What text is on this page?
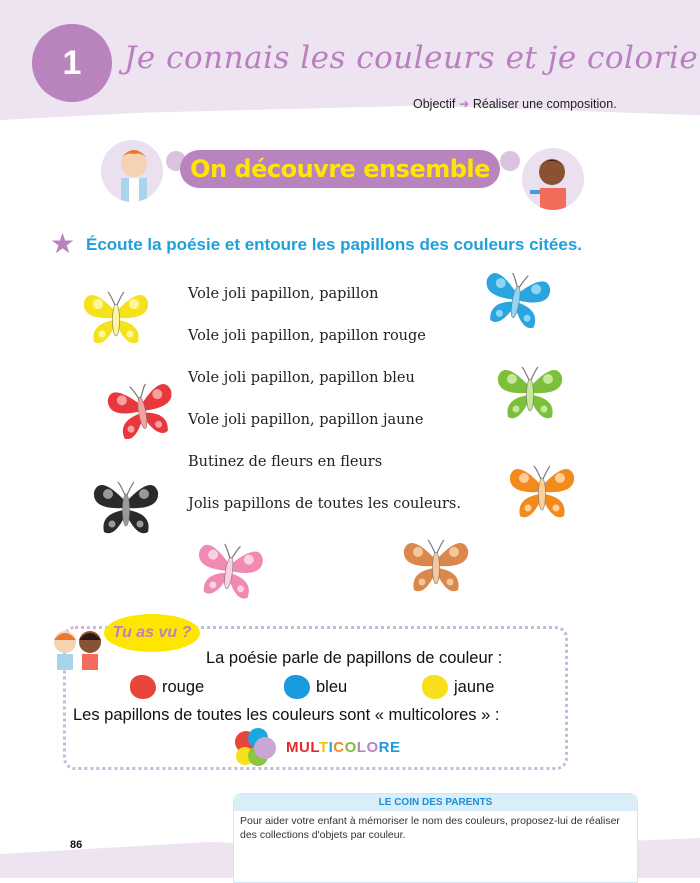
1	Je connais les couleurs et je colorie
Objectif ➜ Réaliser une composition.
On découvre ensemble
★ Écoute la poésie et entoure les papillons des couleurs citées.
Vole joli papillon, papillon
Vole joli papillon, papillon rouge
Vole joli papillon, papillon bleu
Vole joli papillon, papillon jaune
Butinez de fleurs en fleurs
Jolis papillons de toutes les couleurs.
Tu as vu ?
La poésie parle de papillons de couleur :
rouge	bleu	jaune
Les papillons de toutes les couleurs sont « multicolores » :
MULTICOLORE
86
LE COIN DES PARENTS
Pour aider votre enfant à mémoriser le nom des couleurs, proposez-lui de réaliser des collections d'objets par couleur.
